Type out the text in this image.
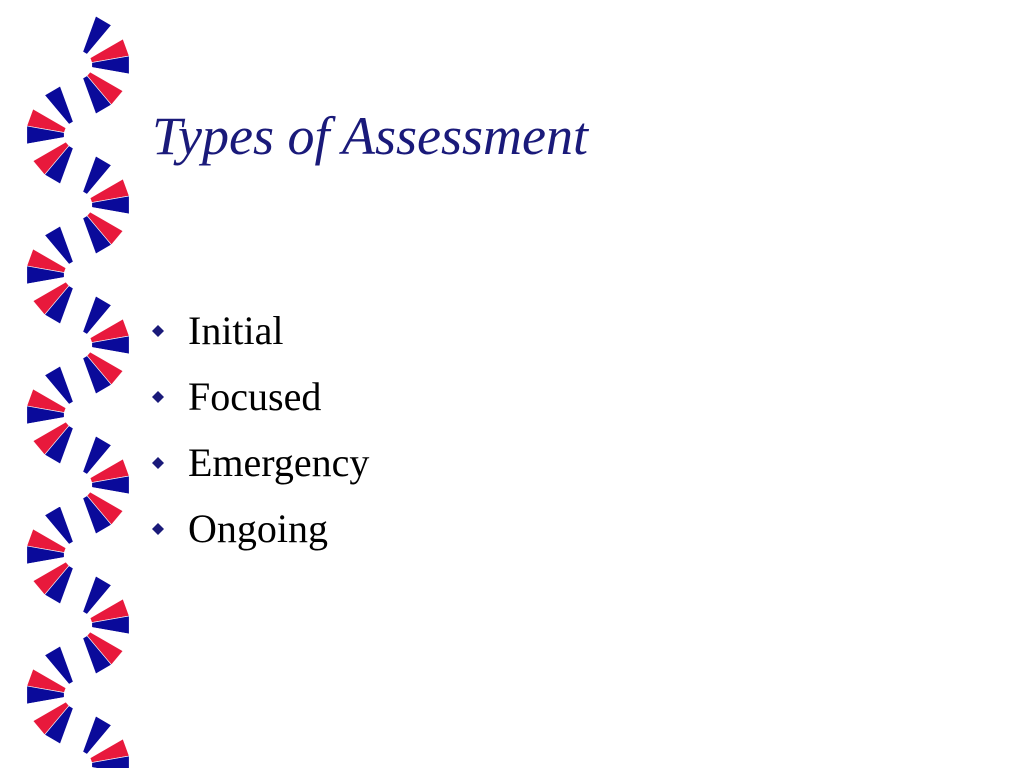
Types of Assessment
Initial
Focused
Emergency
Ongoing
